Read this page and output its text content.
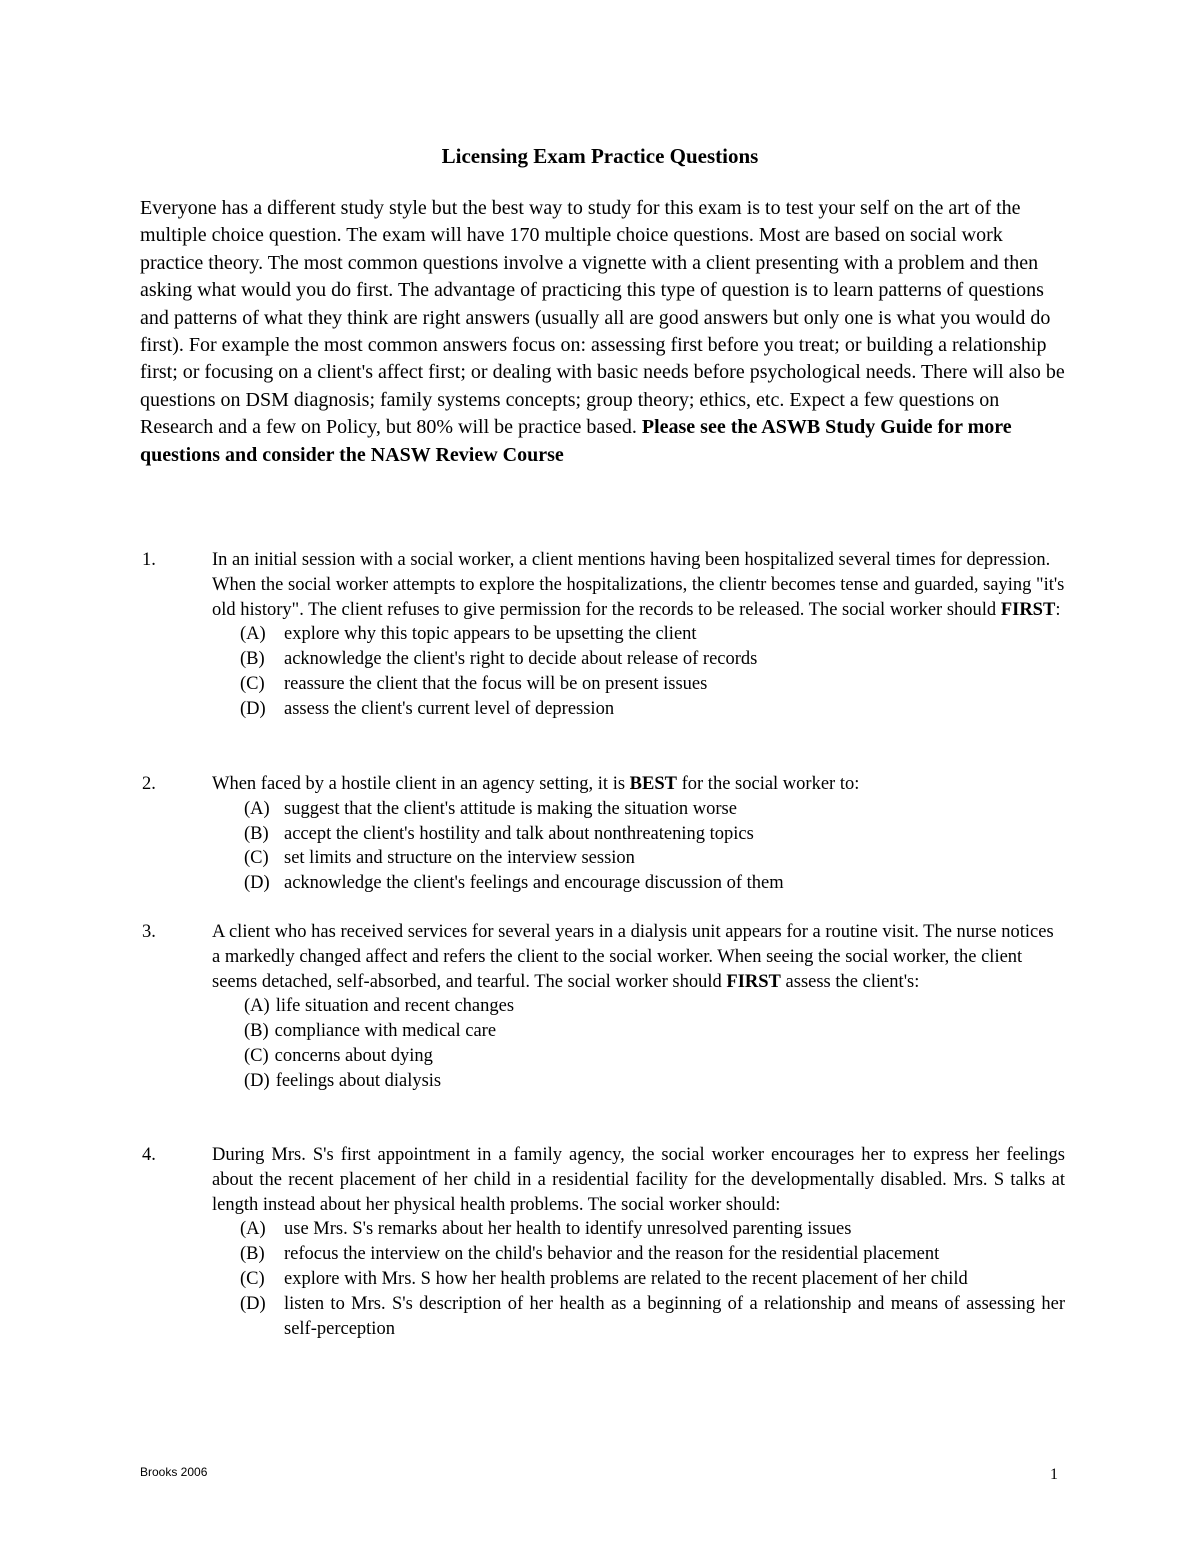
Licensing Exam Practice Questions
Everyone has a different study style but the best way to study for this exam is to test your self on the art of the multiple choice question. The exam will have 170 multiple choice questions. Most are based on social work practice theory. The most common questions involve a vignette with a client presenting with a problem and then asking what would you do first. The advantage of practicing this type of question is to learn patterns of questions and patterns of what they think are right answers (usually all are good answers but only one is what you would do first). For example the most common answers focus on: assessing first before you treat; or building a relationship first; or focusing on a client's affect first; or dealing with basic needs before psychological needs. There will also be questions on DSM diagnosis; family systems concepts; group theory; ethics, etc. Expect a few questions on Research and a few on Policy, but 80% will be practice based. Please see the ASWB Study Guide for more questions and consider the NASW Review Course
1.	In an initial session with a social worker, a client mentions having been hospitalized several times for depression. When the social worker attempts to explore the hospitalizations, the clientr becomes tense and guarded, saying "it's old history". The client refuses to give permission for the records to be released. The social worker should FIRST:
(A) explore why this topic appears to be upsetting the client
(B)	acknowledge the client's right to decide about release of records
(C)	reassure the client that the focus will be on present issues
(D) assess the client's current level of depression
2.	When faced by a hostile client in an agency setting, it is BEST for the social worker to:
(A) suggest that the client's attitude is making the situation worse
(B) accept the client's hostility and talk about nonthreatening topics
(C) set limits and structure on the interview session
(D) acknowledge the client's feelings and encourage discussion of them
3.	A client who has received services for several years in a dialysis unit appears for a routine visit. The nurse notices a markedly changed affect and refers the client to the social worker. When seeing the social worker, the client seems detached, self-absorbed, and tearful. The social worker should FIRST assess the client's:
(A) life situation and recent changes
(B) compliance with medical care
(C) concerns about dying
(D) feelings about dialysis
4.	During Mrs. S's first appointment in a family agency, the social worker encourages her to express her feelings about the recent placement of her child in a residential facility for the developmentally disabled. Mrs. S talks at length instead about her physical health problems. The social worker should:
(A) use Mrs. S's remarks about her health to identify unresolved parenting issues
(B)	refocus the interview on the child's behavior and the reason for the residential placement
(C)	explore with Mrs. S how her health problems are related to the recent placement of her child
(D) listen to Mrs. S's description of her health as a beginning of a relationship and means of assessing her self-perception
Brooks 2006	1
